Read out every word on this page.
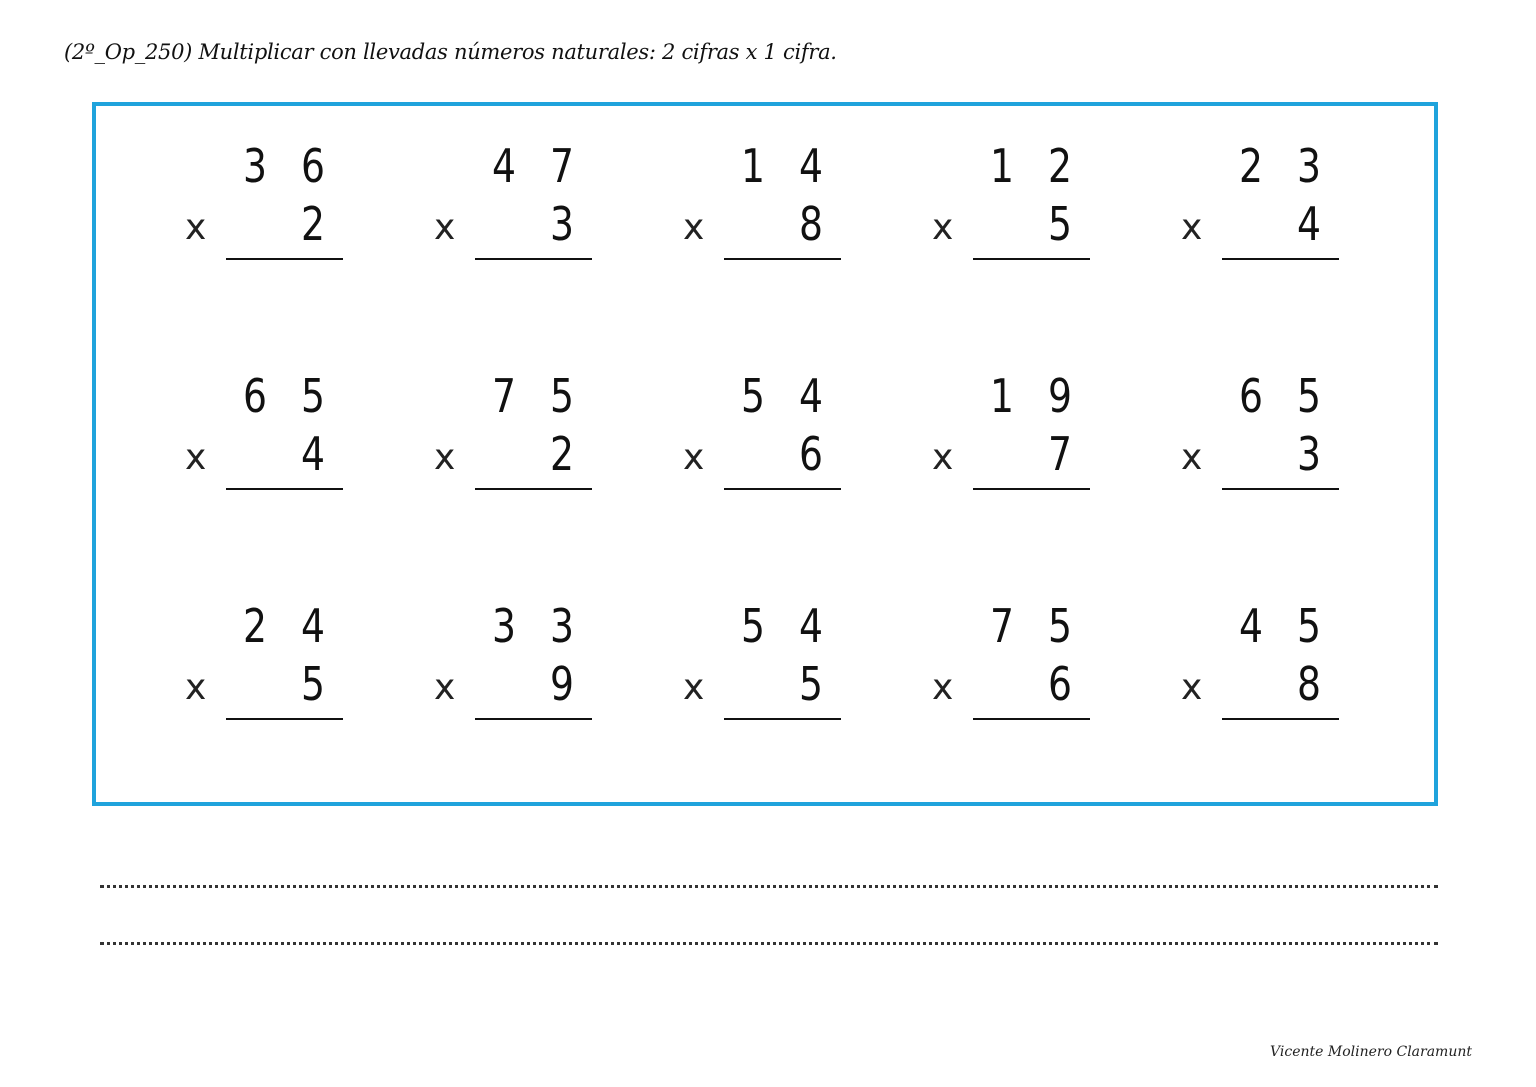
(2º_Op_250) Multiplicar con llevadas números naturales: 2 cifras x 1 cifra.
3 6
x 2
4 7
x 3
1 4
x 8
1 2
x 5
2 3
x 4
6 5
x 4
7 5
x 2
5 4
x 6
1 9
x 7
6 5
x 3
2 4
x 5
3 3
x 9
5 4
x 5
7 5
x 6
4 5
x 8
Vicente Molinero Claramunt
